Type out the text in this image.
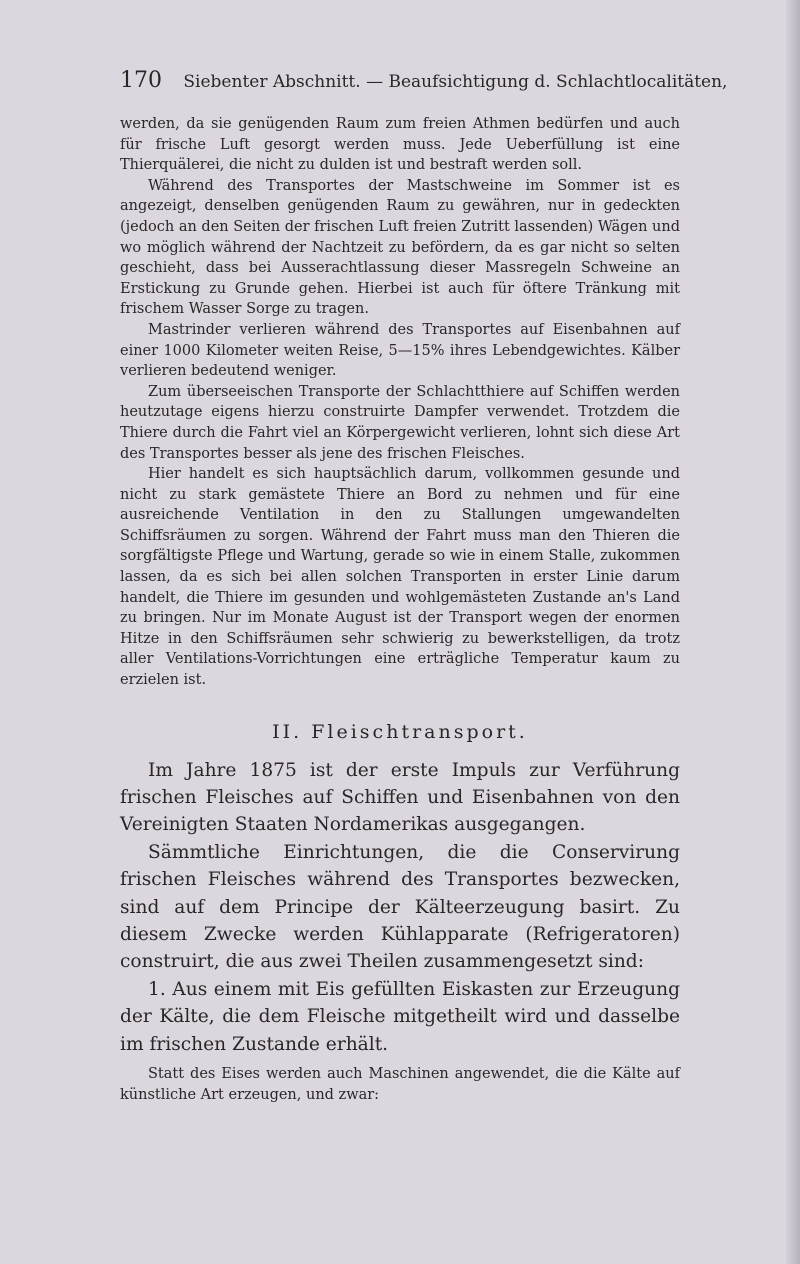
170 Siebenter Abschnitt. — Beaufsichtigung d. Schlachtlocalitäten,

werden, da sie genügenden Raum zum freien Athmen bedürfen und auch für frische Luft gesorgt werden muss. Jede Ueberfüllung ist eine Thierquälerei, die nicht zu dulden ist und bestraft werden soll.

Während des Transportes der Mastschweine im Sommer ist es angezeigt, denselben genügenden Raum zu gewähren, nur in gedeckten (jedoch an den Seiten der frischen Luft freien Zutritt lassenden) Wägen und wo möglich während der Nachtzeit zu befördern, da es gar nicht so selten geschieht, dass bei Ausserachtlassung dieser Massregeln Schweine an Erstickung zu Grunde gehen. Hierbei ist auch für öftere Tränkung mit frischem Wasser Sorge zu tragen.

Mastrinder verlieren während des Transportes auf Eisenbahnen auf einer 1000 Kilometer weiten Reise, 5—15% ihres Lebendgewichtes. Kälber verlieren bedeutend weniger.

Zum überseeischen Transporte der Schlachtthiere auf Schiffen werden heutzutage eigens hierzu construirte Dampfer verwendet. Trotzdem die Thiere durch die Fahrt viel an Körpergewicht verlieren, lohnt sich diese Art des Transportes besser als jene des frischen Fleisches.

Hier handelt es sich hauptsächlich darum, vollkommen gesunde und nicht zu stark gemästete Thiere an Bord zu nehmen und für eine ausreichende Ventilation in den zu Stallungen umgewandelten Schiffsräumen zu sorgen. Während der Fahrt muss man den Thieren die sorgfältigste Pflege und Wartung, gerade so wie in einem Stalle, zukommen lassen, da es sich bei allen solchen Transporten in erster Linie darum handelt, die Thiere im gesunden und wohlgemästeten Zustande an's Land zu bringen. Nur im Monate August ist der Transport wegen der enormen Hitze in den Schiffsräumen sehr schwierig zu bewerkstelligen, da trotz aller Ventilations-Vorrichtungen eine erträgliche Temperatur kaum zu erzielen ist.

II. Fleischtransport.

Im Jahre 1875 ist der erste Impuls zur Verführung frischen Fleisches auf Schiffen und Eisenbahnen von den Vereinigten Staaten Nordamerikas ausgegangen.

Sämmtliche Einrichtungen, die die Conservirung frischen Fleisches während des Transportes bezwecken, sind auf dem Principe der Kälteerzeugung basirt. Zu diesem Zwecke werden Kühlapparate (Refrigeratoren) construirt, die aus zwei Theilen zusammengesetzt sind:

1. Aus einem mit Eis gefüllten Eiskasten zur Erzeugung der Kälte, die dem Fleische mitgetheilt wird und dasselbe im frischen Zustande erhält.

Statt des Eises werden auch Maschinen angewendet, die die Kälte auf künstliche Art erzeugen, und zwar:
